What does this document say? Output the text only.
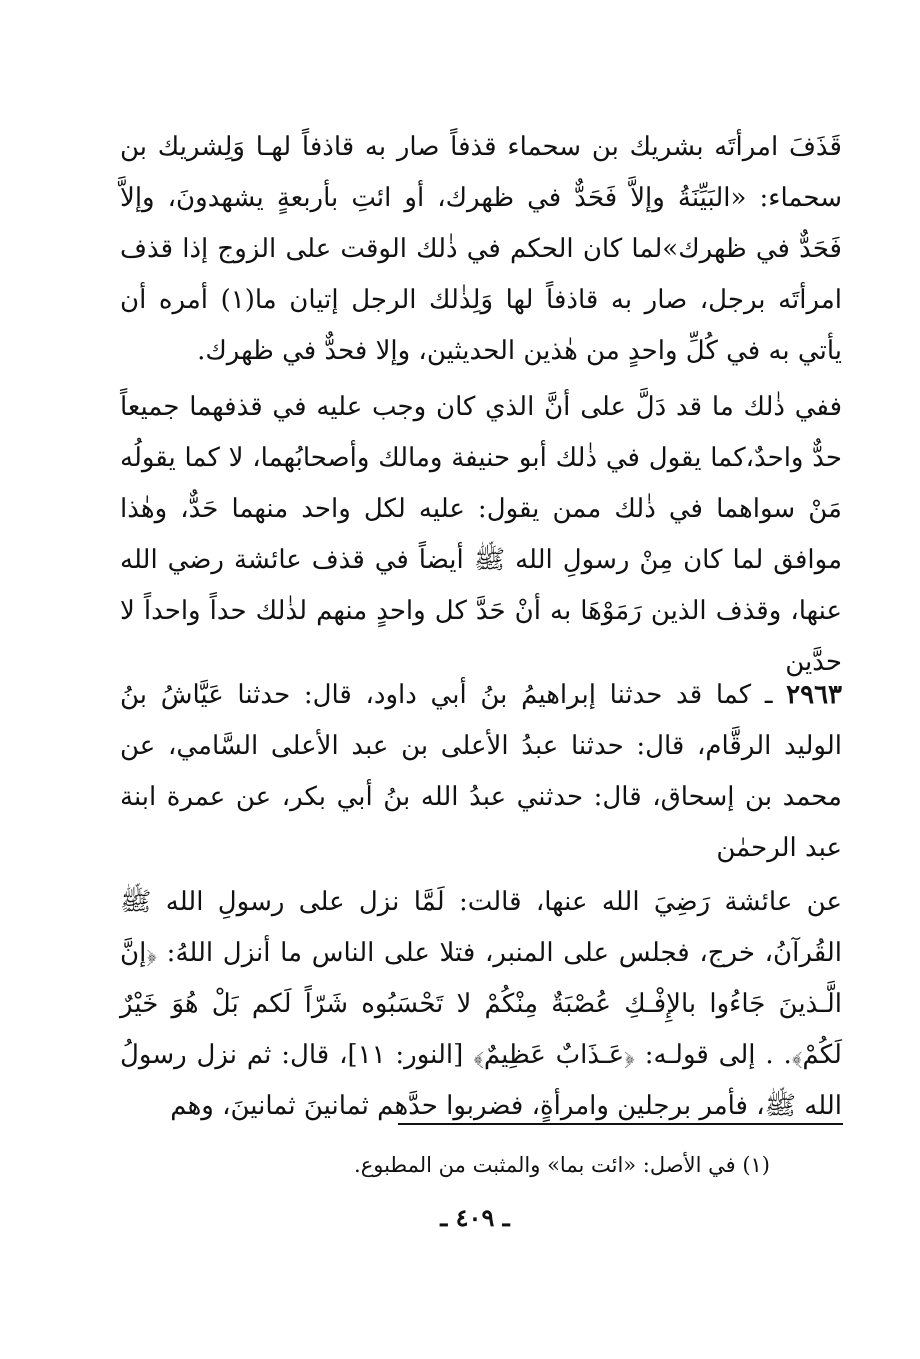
قَذَفَ امرأتَه بشريك بن سحماء قذفاً صار به قاذفاً لهـا وَلِشريك بن سحماء: «البَيِّنَةُ وإلاَّ فَحَدٌّ في ظهرك، أو ائتِ بأربعةٍ يشهدونَ، وإلاَّ فَحَدٌّ في ظهرك»لما كان الحكم في ذٰلك الوقت على الزوج إذا قذف امرأتَه برجل، صار به قاذفاً لها وَلِذٰلك الرجل إتيان ما(١) أمره أن يأتي به في كُلِّ واحدٍ من هٰذين الحديثين، وإلا فحدٌّ في ظهرك.
ففي ذٰلك ما قد دَلَّ على أنَّ الذي كان وجب عليه في قذفهما جميعاً حدٌّ واحدٌ،كما يقول في ذٰلك أبو حنيفة ومالك وأصحابُهما، لا كما يقولُه مَنْ سواهما في ذٰلك ممن يقول: عليه لكل واحد منهما حَدٌّ، وهٰذا موافق لما كان مِنْ رسولِ الله ﷺ أيضاً في قذف عائشة رضي الله عنها، وقذف الذين رَمَوْهَا به أنْ حَدَّ كل واحدٍ منهم لذٰلك حداً واحداً لا حدَّين
٢٩٦٣ ـ كما قد حدثنا إبراهيمُ بنُ أبي داود، قال: حدثنا عَيَّاشُ بنُ الوليد الرقَّام، قال: حدثنا عبدُ الأعلى بن عبد الأعلى السَّامي، عن محمد بن إسحاق، قال: حدثني عبدُ الله بنُ أبي بكر، عن عمرة ابنة عبد الرحمٰن
عن عائشة رَضِيَ الله عنها، قالت: لَمَّا نزل على رسولِ الله ﷺ القُرآنُ، خرج، فجلس على المنبر، فتلا على الناس ما أنزل اللهُ: ﴿إنَّ الَّـذينَ جَاءُوا بالإِفْـكِ عُصْبَةٌ مِنْكُمْ لا تَحْسَبُوه شَرّاً لَكم بَلْ هُوَ خَيْرٌ لَكُمْ﴾. . إلى قولـه: ﴿عَـذَابٌ عَظِيمٌ﴾ [النور: ١١]، قال: ثم نزل رسولُ الله ﷺ، فأمر برجلين وامرأةٍ، فضربوا حدَّهم ثمانينَ ثمانينَ، وهم
(١) في الأصل: «ائت بما» والمثبت من المطبوع.
ـ ٤٠٩ ـ
